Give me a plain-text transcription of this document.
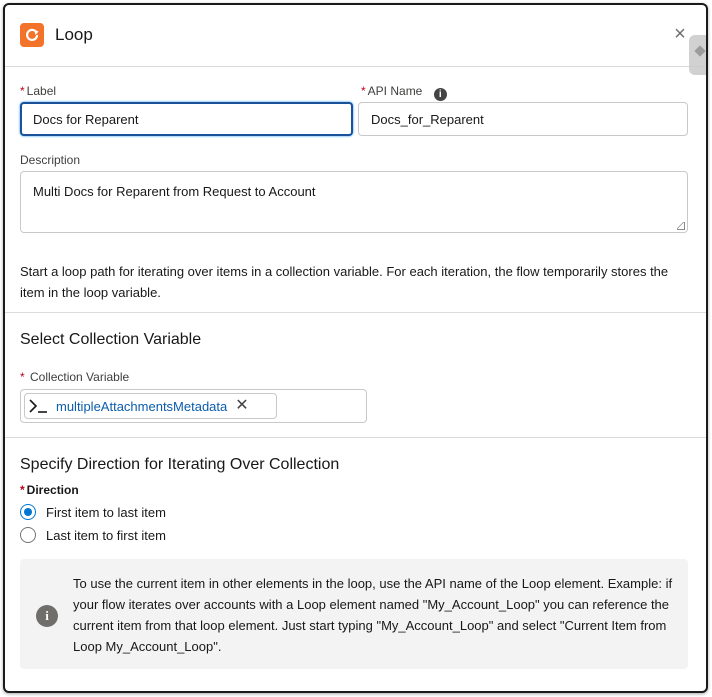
Loop	×
* Label
Docs for Reparent
* API Name i
Docs_for_Reparent
Description
Multi Docs for Reparent from Request to Account
Start a loop path for iterating over items in a collection variable. For each iteration, the flow temporarily stores the item in the loop variable.
Select Collection Variable
* Collection Variable
multipleAttachmentsMetadata ✕
Specify Direction for Iterating Over Collection
* Direction
First item to last item
Last item to first item
i
To use the current item in other elements in the loop, use the API name of the Loop element. Example: if your flow iterates over accounts with a Loop element named "My_Account_Loop" you can reference the current item from that loop element. Just start typing "My_Account_Loop" and select "Current Item from Loop My_Account_Loop".
